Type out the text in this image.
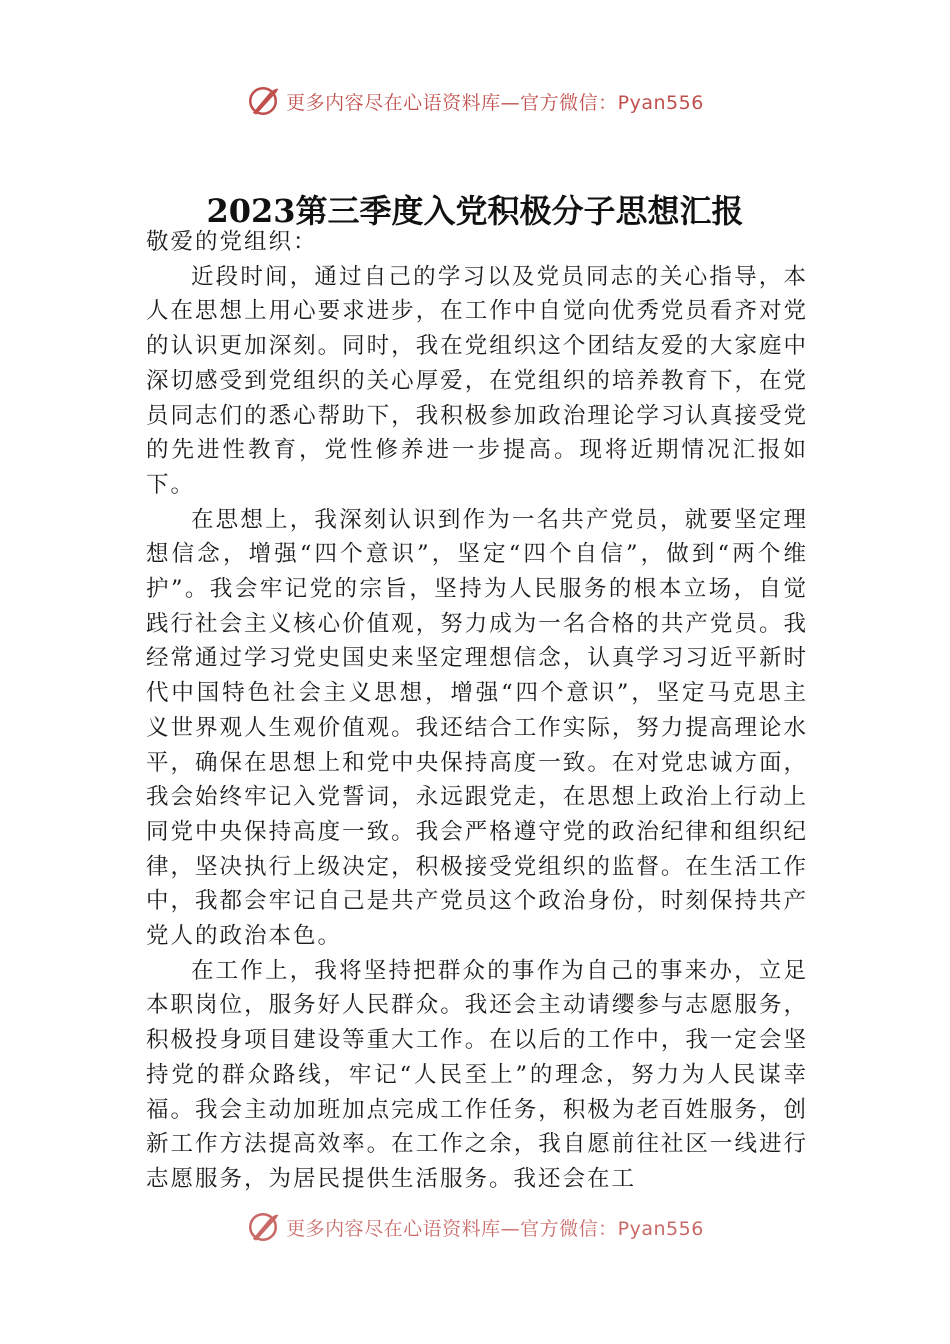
更多内容尽在心语资料库—官方微信：Pyan556
2023第三季度入党积极分子思想汇报

敬爱的党组织：

近段时间，通过自己的学习以及党员同志的关心指导，本人在思想上用心要求进步，在工作中自觉向优秀党员看齐对党的认识更加深刻。同时，我在党组织这个团结友爱的大家庭中深切感受到党组织的关心厚爱，在党组织的培养教育下，在党员同志们的悉心帮助下，我积极参加政治理论学习认真接受党的先进性教育，党性修养进一步提高。现将近期情况汇报如下。

在思想上，我深刻认识到作为一名共产党员，就要坚定理想信念，增强“四个意识”，坚定“四个自信”，做到“两个维护”。我会牢记党的宗旨，坚持为人民服务的根本立场，自觉践行社会主义核心价值观，努力成为一名合格的共产党员。我经常通过学习党史国史来坚定理想信念，认真学习习近平新时代中国特色社会主义思想，增强“四个意识”，坚定马克思主义世界观人生观价值观。我还结合工作实际，努力提高理论水平，确保在思想上和党中央保持高度一致。在对党忠诚方面，我会始终牢记入党誓词，永远跟党走，在思想上政治上行动上同党中央保持高度一致。我会严格遵守党的政治纪律和组织纪律，坚决执行上级决定，积极接受党组织的监督。在生活工作中，我都会牢记自己是共产党员这个政治身份，时刻保持共产党人的政治本色。

在工作上，我将坚持把群众的事作为自己的事来办，立足本职岗位，服务好人民群众。我还会主动请缨参与志愿服务，积极投身项目建设等重大工作。在以后的工作中，我一定会坚持党的群众路线，牢记“人民至上”的理念，努力为人民谋幸福。我会主动加班加点完成工作任务，积极为老百姓服务，创新工作方法提高效率。在工作之余，我自愿前往社区一线进行志愿服务，为居民提供生活服务。我还会在工

更多内容尽在心语资料库—官方微信：Pyan556
